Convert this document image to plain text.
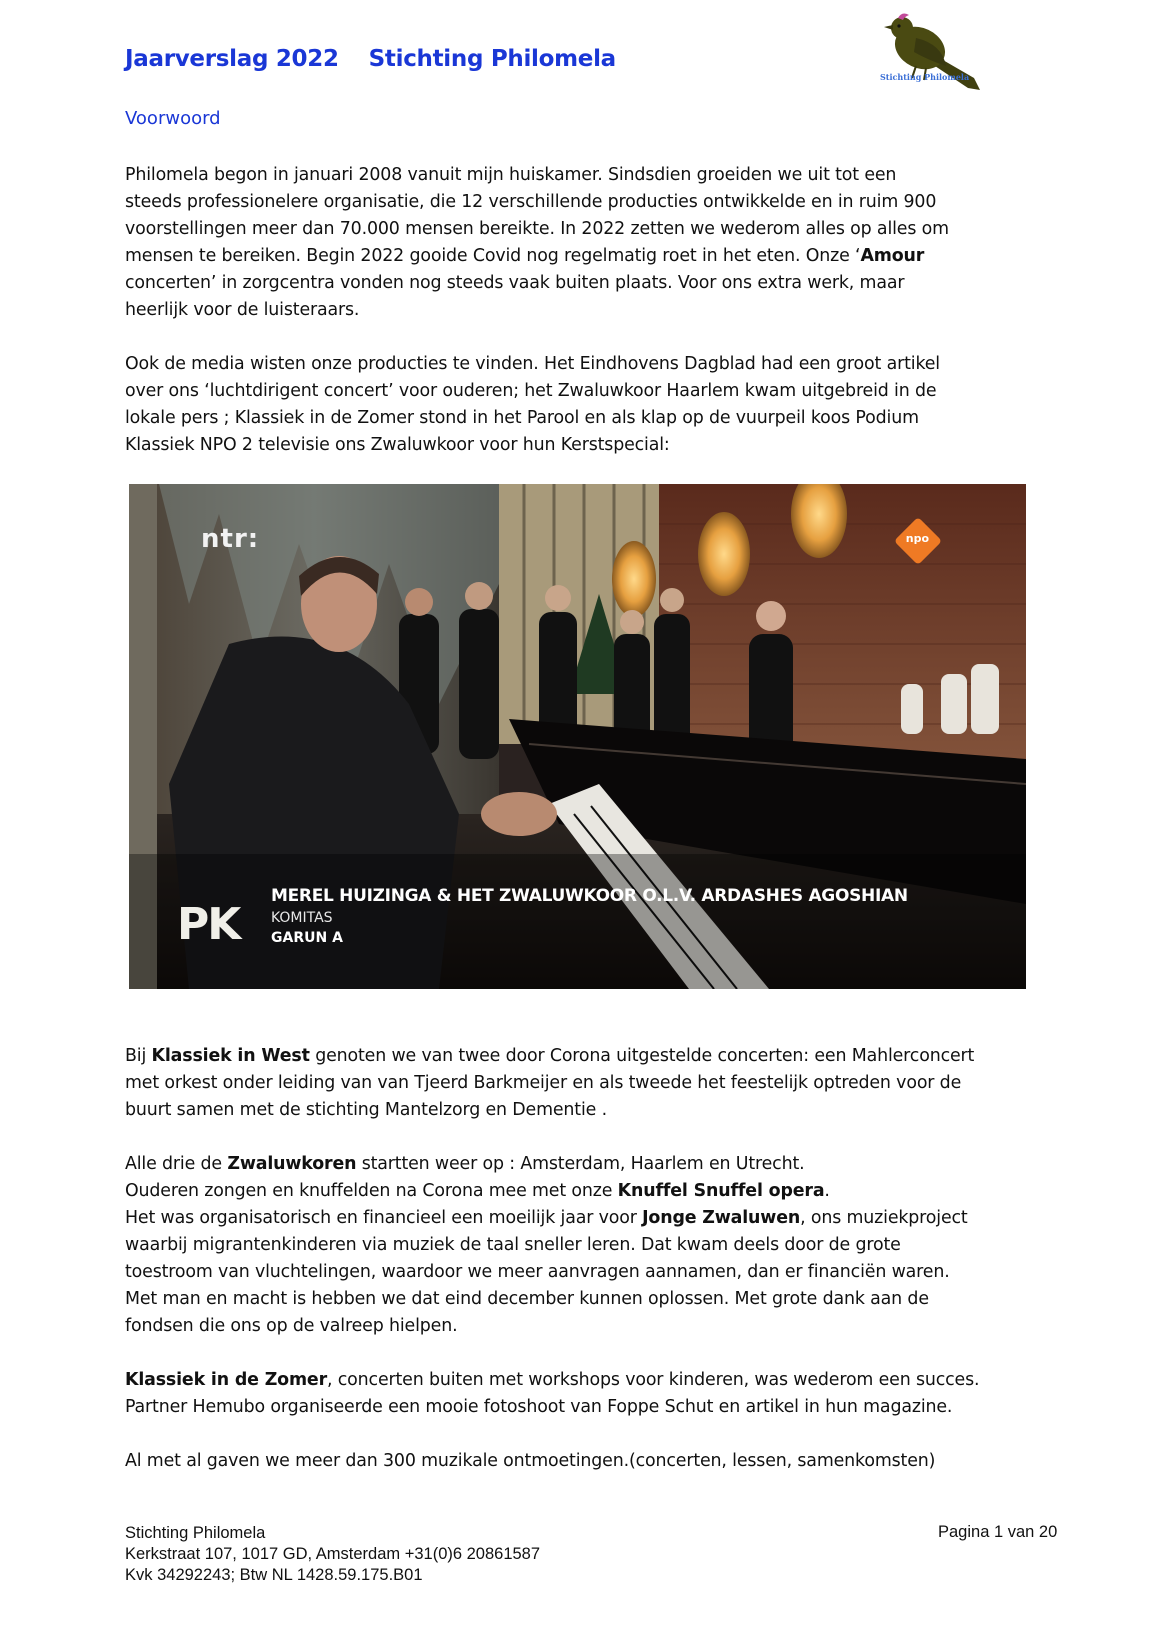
Jaarverslag 2022 Stichting Philomela
Stichting Philomela
Voorwoord
Philomela begon in januari 2008 vanuit mijn huiskamer. Sindsdien groeiden we uit tot een
steeds professionelere organisatie, die 12 verschillende producties ontwikkelde en in ruim 900
voorstellingen meer dan 70.000 mensen bereikte. In 2022 zetten we wederom alles op alles om
mensen te bereiken. Begin 2022 gooide Covid nog regelmatig roet in het eten. Onze ‘Amour
concerten’ in zorgcentra vonden nog steeds vaak buiten plaats. Voor ons extra werk, maar
heerlijk voor de luisteraars.
Ook de media wisten onze producties te vinden. Het Eindhovens Dagblad had een groot artikel
over ons ‘luchtdirigent concert’ voor ouderen; het Zwaluwkoor Haarlem kwam uitgebreid in de
lokale pers ; Klassiek in de Zomer stond in het Parool en als klap op de vuurpeil koos Podium
Klassiek NPO 2 televisie ons Zwaluwkoor voor hun Kerstspecial:
ntr:	npo
PK
MEREL HUIZINGA & HET ZWALUWKOOR O.L.V. ARDASHES AGOSHIAN
KOMITAS
GARUN A
Bij Klassiek in West genoten we van twee door Corona uitgestelde concerten: een Mahlerconcert
met orkest onder leiding van van Tjeerd Barkmeijer en als tweede het feestelijk optreden voor de
buurt samen met de stichting Mantelzorg en Dementie .
Alle drie de Zwaluwkoren startten weer op : Amsterdam, Haarlem en Utrecht.
Ouderen zongen en knuffelden na Corona mee met onze Knuffel Snuffel opera.
Het was organisatorisch en financieel een moeilijk jaar voor Jonge Zwaluwen, ons muziekproject
waarbij migrantenkinderen via muziek de taal sneller leren. Dat kwam deels door de grote
toestroom van vluchtelingen, waardoor we meer aanvragen aannamen, dan er financiën waren.
Met man en macht is hebben we dat eind december kunnen oplossen. Met grote dank aan de
fondsen die ons op de valreep hielpen.
Klassiek in de Zomer, concerten buiten met workshops voor kinderen, was wederom een succes.
Partner Hemubo organiseerde een mooie fotoshoot van Foppe Schut en artikel in hun magazine.
Al met al gaven we meer dan 300 muzikale ontmoetingen.(concerten, lessen, samenkomsten)
Stichting Philomela
Kerkstraat 107, 1017 GD, Amsterdam +31(0)6 20861587
Kvk 34292243; Btw NL 1428.59.175.B01
Pagina 1 van 20
